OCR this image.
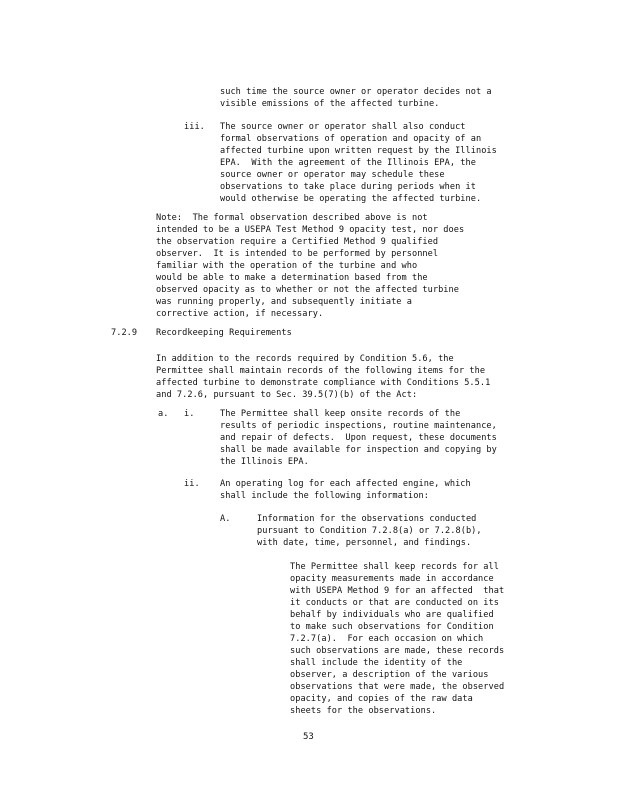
such time the source owner or operator decides not a
visible emissions of the affected turbine.
iii. The source owner or operator shall also conduct
formal observations of operation and opacity of an
affected turbine upon written request by the Illinois
EPA.  With the agreement of the Illinois EPA, the
source owner or operator may schedule these
observations to take place during periods when it
would otherwise be operating the affected turbine.
Note:  The formal observation described above is not
intended to be a USEPA Test Method 9 opacity test, nor does
the observation require a Certified Method 9 qualified
observer.  It is intended to be performed by personnel
familiar with the operation of the turbine and who
would be able to make a determination based from the
observed opacity as to whether or not the affected turbine
was running properly, and subsequently initiate a
corrective action, if necessary.
7.2.9 Recordkeeping Requirements
In addition to the records required by Condition 5.6, the
Permittee shall maintain records of the following items for the
affected turbine to demonstrate compliance with Conditions 5.5.1
and 7.2.6, pursuant to Sec. 39.5(7)(b) of the Act:
a. i.	The Permittee shall keep onsite records of the
results of periodic inspections, routine maintenance,
and repair of defects.  Upon request, these documents
shall be made available for inspection and copying by
the Illinois EPA.
ii. An operating log for each affected engine, which
shall include the following information:
A.	Information for the observations conducted
pursuant to Condition 7.2.8(a) or 7.2.8(b),
with date, time, personnel, and findings.
The Permittee shall keep records for all
opacity measurements made in accordance
with USEPA Method 9 for an affected  that
it conducts or that are conducted on its
behalf by individuals who are qualified
to make such observations for Condition
7.2.7(a).  For each occasion on which
such observations are made, these records
shall include the identity of the
observer, a description of the various
observations that were made, the observed
opacity, and copies of the raw data
sheets for the observations.
53
